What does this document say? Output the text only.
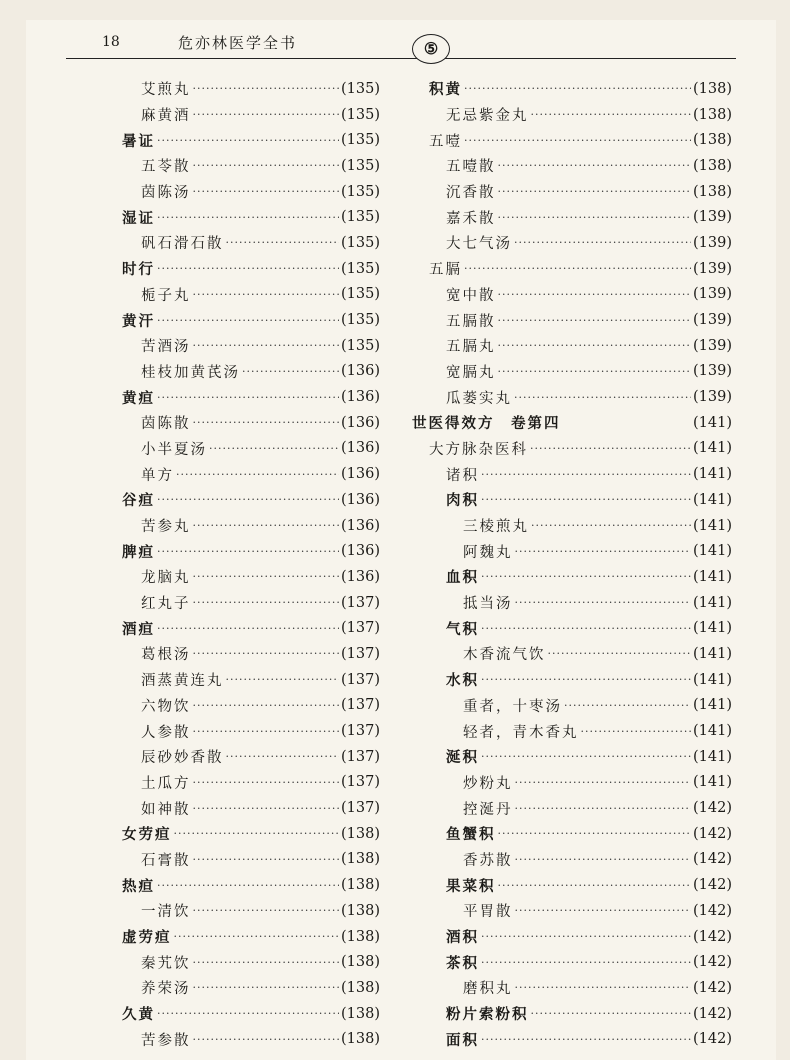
18	危亦林医学全书	⑤
艾煎丸 ·····	(135)
麻黄酒 ·····	(135)
暑证 ·····	(135)
五苓散 ·····	(135)
茵陈汤 ·····	(135)
湿证 ·····	(135)
矾石滑石散 ·····	(135)
时行 ·····	(135)
栀子丸 ·····	(135)
黄汗 ·····	(135)
苦酒汤 ·····	(135)
桂枝加黄芪汤 ·····	(136)
黄疸 ·····	(136)
茵陈散 ·····	(136)
小半夏汤 ·····	(136)
单方 ·····	(136)
谷疸 ·····	(136)
苦参丸 ·····	(136)
脾疸 ·····	(136)
龙脑丸 ·····	(136)
红丸子 ·····	(137)
酒疸 ·····	(137)
葛根汤 ·····	(137)
酒蒸黄连丸 ·····	(137)
六物饮 ·····	(137)
人参散 ·····	(137)
辰砂妙香散 ·····	(137)
土瓜方 ·····	(137)
如神散 ·····	(137)
女劳疸 ·····	(138)
石膏散 ·····	(138)
热疸 ·····	(138)
一清饮 ·····	(138)
虚劳疸 ·····	(138)
秦艽饮 ·····	(138)
养荣汤 ·····	(138)
久黄 ·····	(138)
苦参散 ·····	(138)
积黄 ·····	(138)
无忌紫金丸 ·····	(138)
五噎 ·····	(138)
五噎散 ·····	(138)
沉香散 ·····	(138)
嘉禾散 ·····	(139)
大七气汤 ·····	(139)
五膈 ·····	(139)
宽中散 ·····	(139)
五膈散 ·····	(139)
五膈丸 ·····	(139)
宽膈丸 ·····	(139)
瓜蒌实丸 ·····	(139)
世医得效方　卷第四	(141)
大方脉杂医科 ·····	(141)
诸积 ·····	(141)
肉积 ·····	(141)
三棱煎丸 ·····	(141)
阿魏丸 ·····	(141)
血积 ·····	(141)
抵当汤 ·····	(141)
气积 ·····	(141)
木香流气饮 ·····	(141)
水积 ·····	(141)
重者，十枣汤 ·····	(141)
轻者，青木香丸 ·····	(141)
涎积 ·····	(141)
炒粉丸 ·····	(141)
控涎丹 ·····	(142)
鱼蟹积 ·····	(142)
香苏散 ·····	(142)
果菜积 ·····	(142)
平胃散 ·····	(142)
酒积 ·····	(142)
茶积 ·····	(142)
磨积丸 ·····	(142)
粉片索粉积 ·····	(142)
面积 ·····	(142)
